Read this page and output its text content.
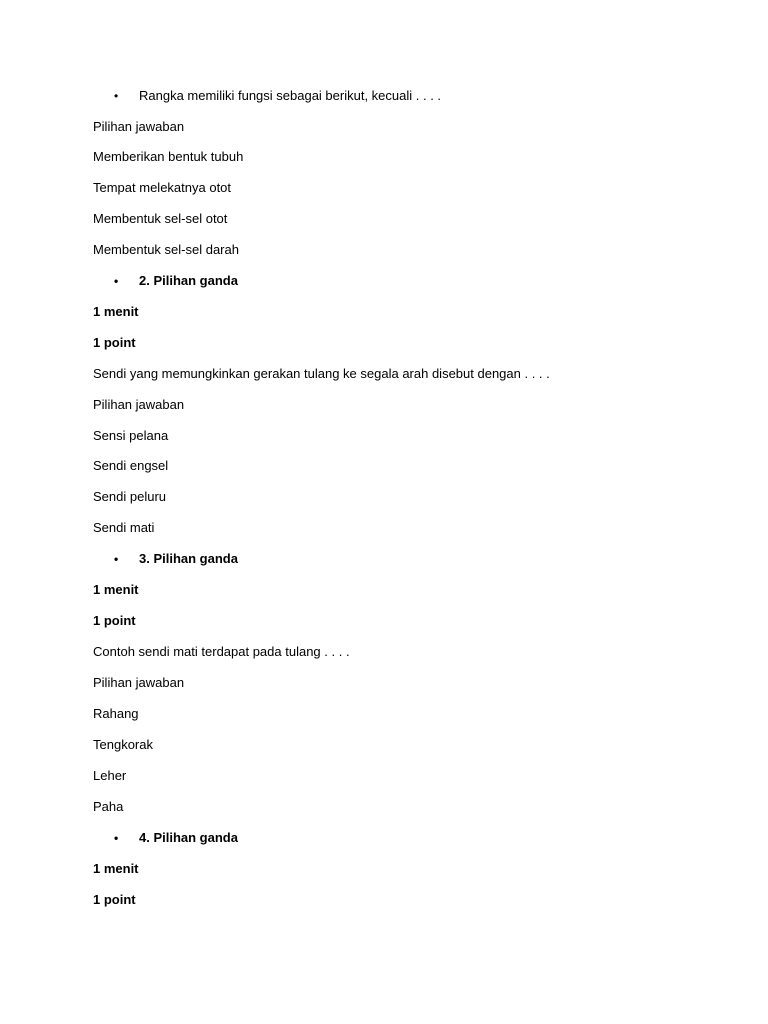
• Rangka memiliki fungsi sebagai berikut, kecuali . . . .
Pilihan jawaban
Memberikan bentuk tubuh
Tempat melekatnya otot
Membentuk sel-sel otot
Membentuk sel-sel darah
• 2. Pilihan ganda
1 menit
1 point
Sendi yang memungkinkan gerakan tulang ke segala arah disebut dengan . . . .
Pilihan jawaban
Sensi pelana
Sendi engsel
Sendi peluru
Sendi mati
• 3. Pilihan ganda
1 menit
1 point
Contoh sendi mati terdapat pada tulang . . . .
Pilihan jawaban
Rahang
Tengkorak
Leher
Paha
• 4. Pilihan ganda
1 menit
1 point
